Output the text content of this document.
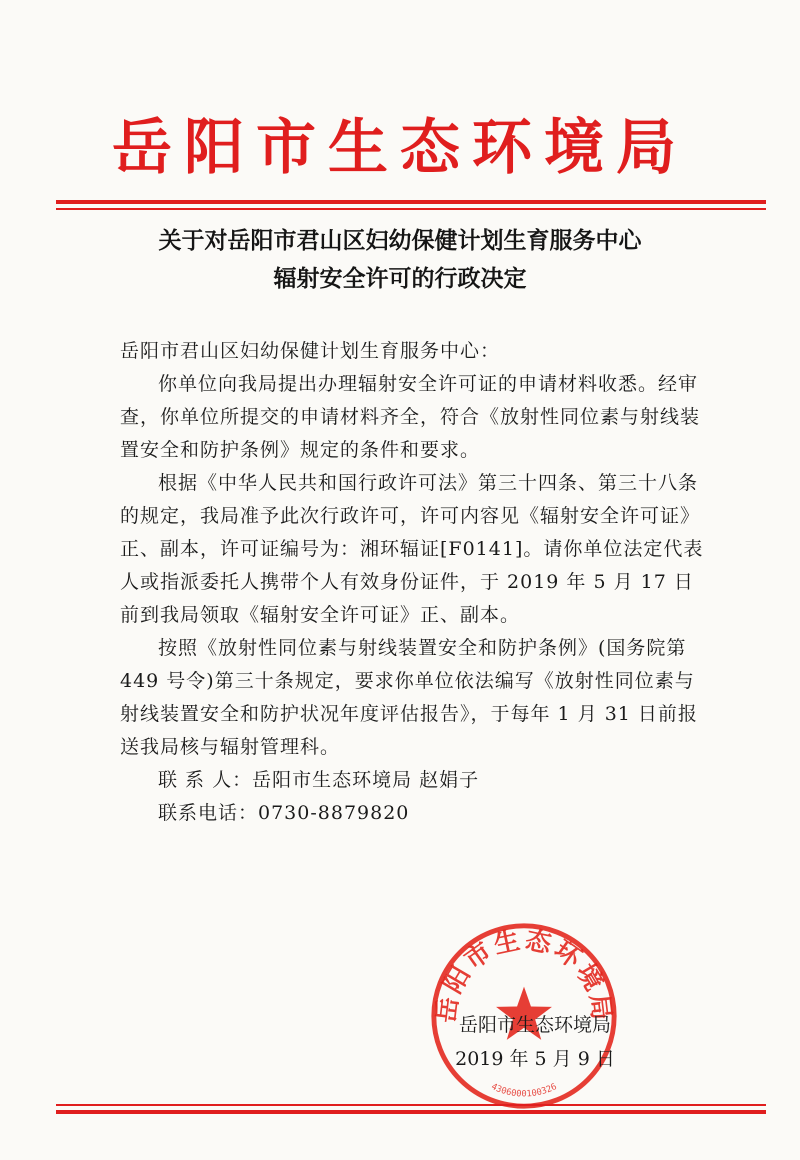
岳阳市生态环境局
关于对岳阳市君山区妇幼保健计划生育服务中心
辐射安全许可的行政决定

岳阳市君山区妇幼保健计划生育服务中心：

你单位向我局提出办理辐射安全许可证的申请材料收悉。经审查，你单位所提交的申请材料齐全，符合《放射性同位素与射线装置安全和防护条例》规定的条件和要求。

根据《中华人民共和国行政许可法》第三十四条、第三十八条的规定，我局准予此次行政许可，许可内容见《辐射安全许可证》正、副本，许可证编号为：湘环辐证[F0141]。请你单位法定代表人或指派委托人携带个人有效身份证件，于 2019 年 5 月 17 日前到我局领取《辐射安全许可证》正、副本。

按照《放射性同位素与射线装置安全和防护条例》(国务院第 449 号令)第三十条规定，要求你单位依法编写《放射性同位素与射线装置安全和防护状况年度评估报告》，于每年 1 月 31 日前报送我局核与辐射管理科。

联 系 人：岳阳市生态环境局 赵娟子

联系电话：0730-8879820

岳阳市生态环境局
4306000100326
岳阳市生态环境局
2019 年 5 月 9 日
